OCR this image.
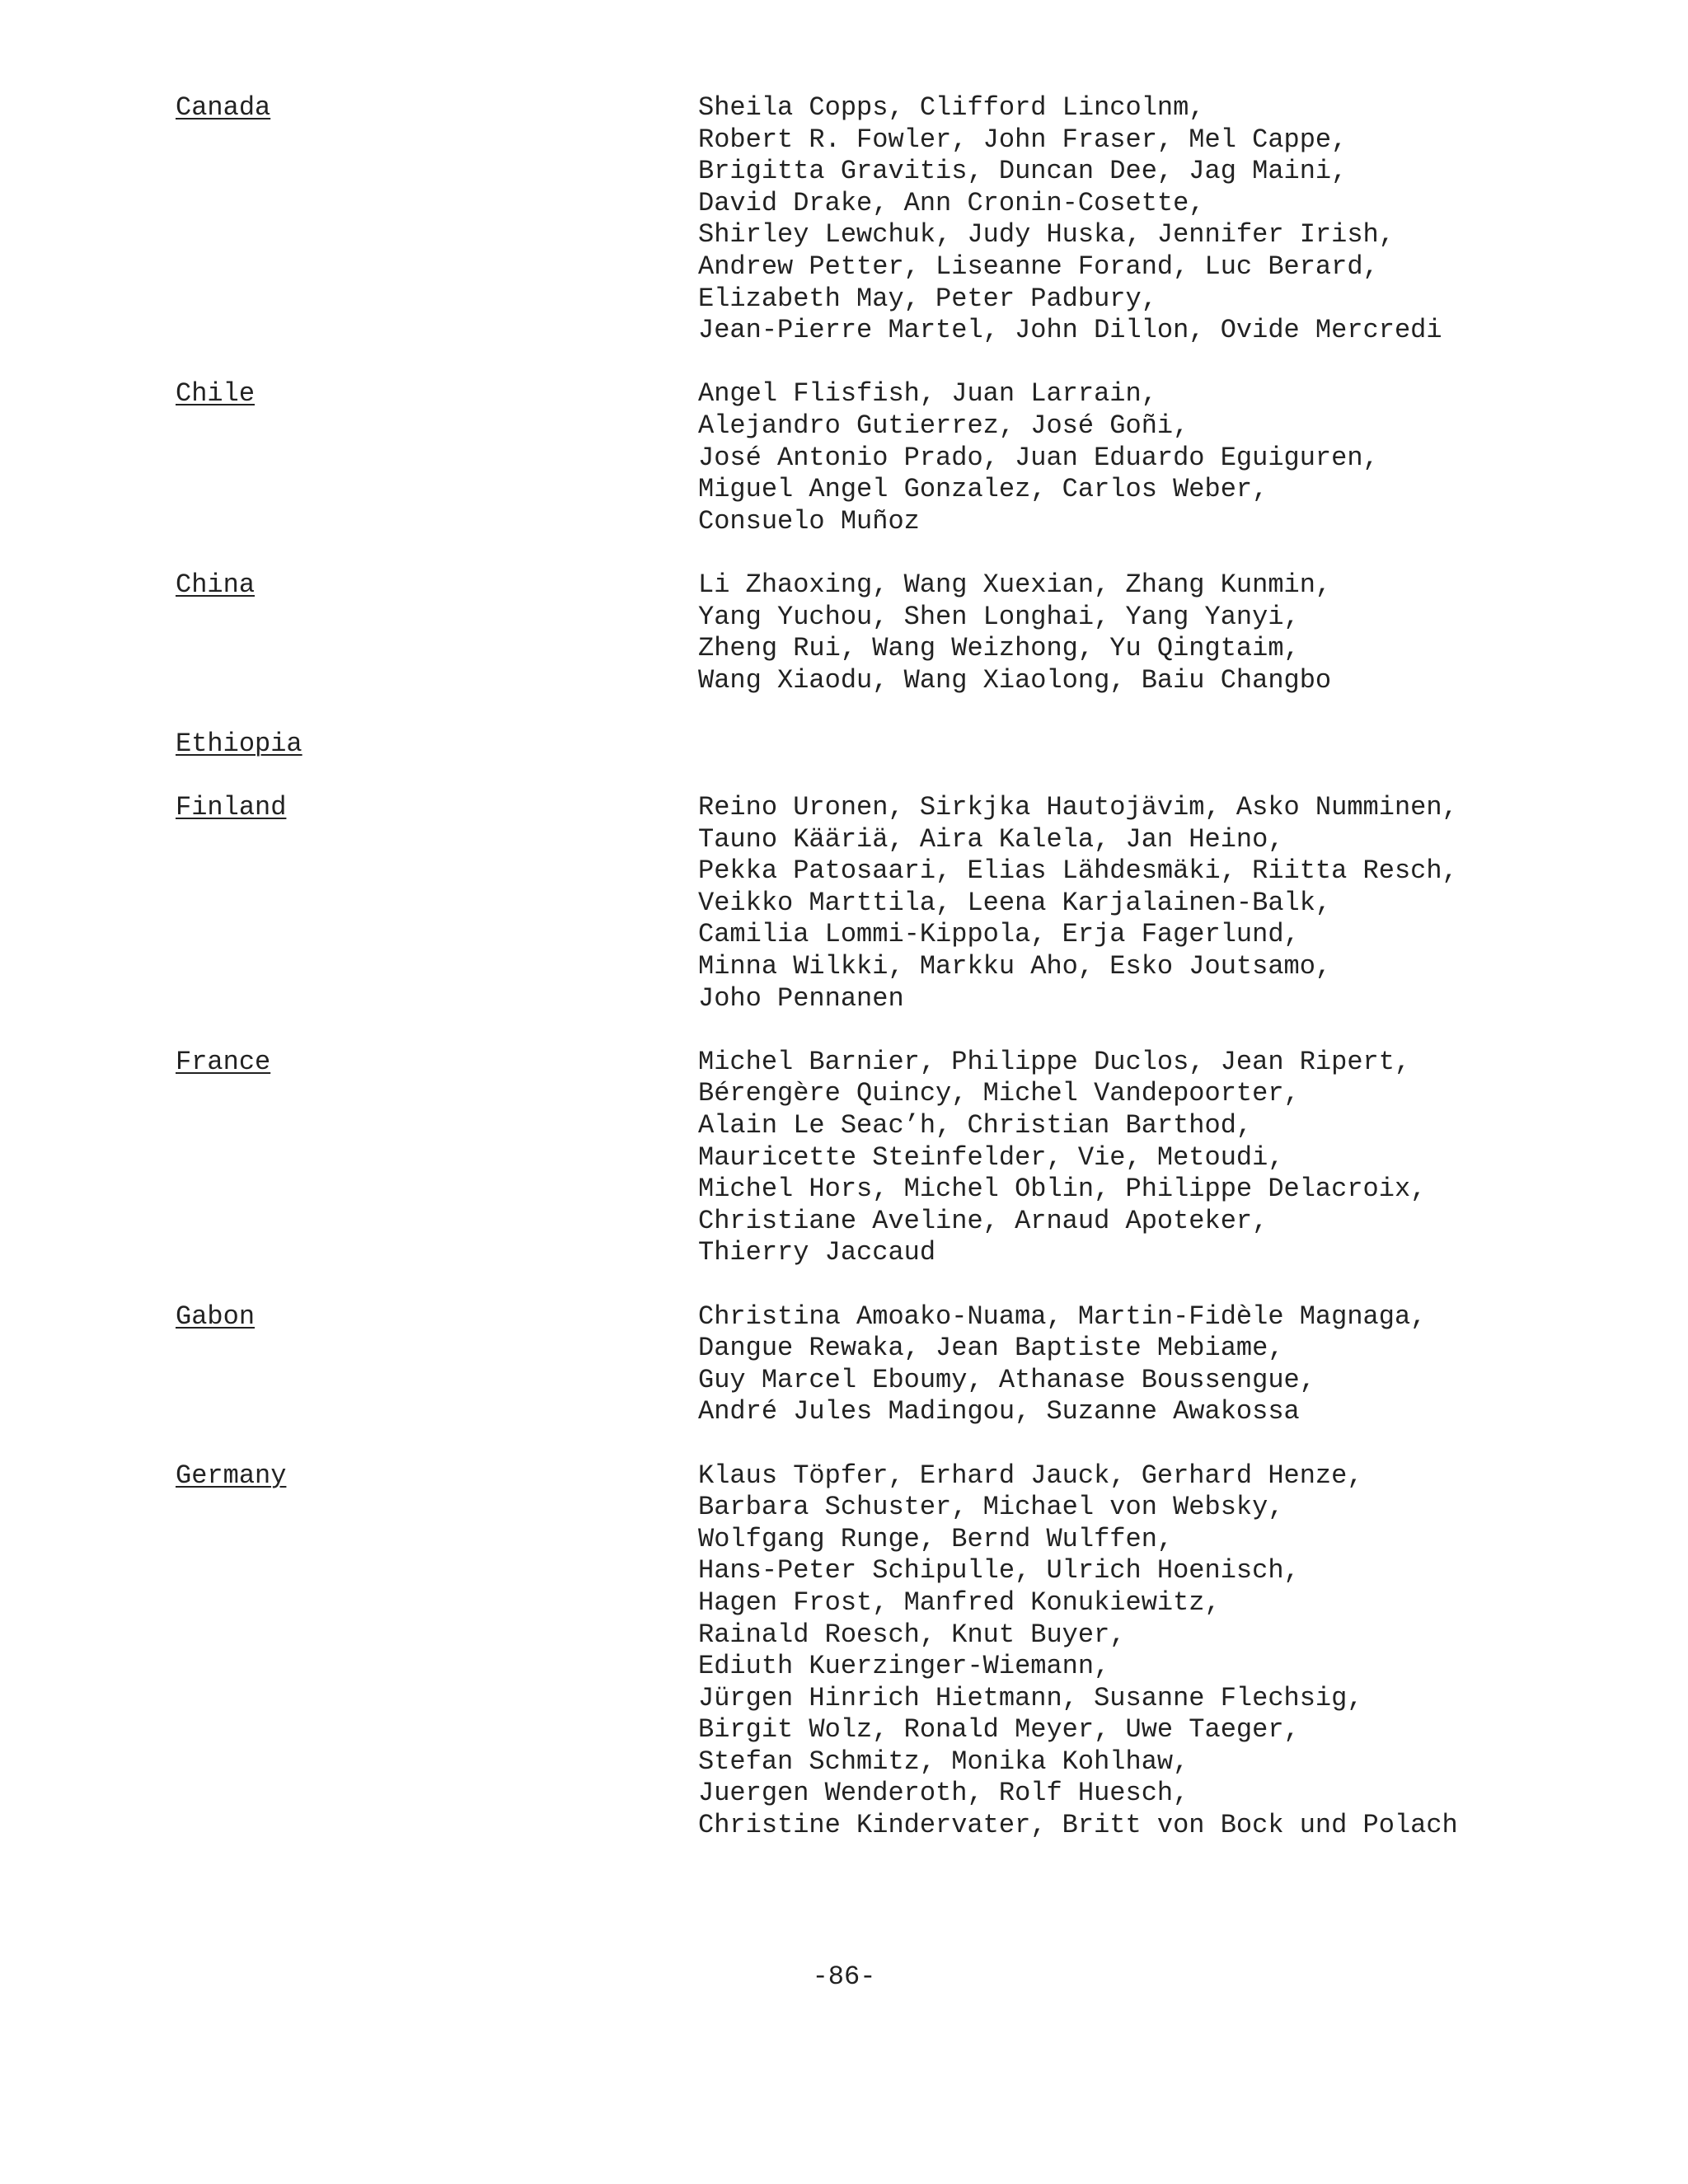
Canada	Sheila Copps, Clifford Lincolnm,
Robert R. Fowler, John Fraser, Mel Cappe,
Brigitta Gravitis, Duncan Dee, Jag Maini,
David Drake, Ann Cronin-Cosette,
Shirley Lewchuk, Judy Huska, Jennifer Irish,
Andrew Petter, Liseanne Forand, Luc Berard,
Elizabeth May, Peter Padbury,
Jean-Pierre Martel, John Dillon, Ovide Mercredi
Chile	Angel Flisfish, Juan Larrain,
Alejandro Gutierrez, José Goñi,
José Antonio Prado, Juan Eduardo Eguiguren,
Miguel Angel Gonzalez, Carlos Weber,
Consuelo Muñoz
China	Li Zhaoxing, Wang Xuexian, Zhang Kunmin,
Yang Yuchou, Shen Longhai, Yang Yanyi,
Zheng Rui, Wang Weizhong, Yu Qingtaim,
Wang Xiaodu, Wang Xiaolong, Baiu Changbo
Ethiopia
Finland	Reino Uronen, Sirkjka Hautojävim, Asko Numminen,
Tauno Kääriä, Aira Kalela, Jan Heino,
Pekka Patosaari, Elias Lähdesmäki, Riitta Resch,
Veikko Marttila, Leena Karjalainen-Balk,
Camilia Lommi-Kippola, Erja Fagerlund,
Minna Wilkki, Markku Aho, Esko Joutsamo,
Joho Pennanen
France	Michel Barnier, Philippe Duclos, Jean Ripert,
Bérengère Quincy, Michel Vandepoorter,
Alain Le Seac’h, Christian Barthod,
Mauricette Steinfelder, Vie, Metoudi,
Michel Hors, Michel Oblin, Philippe Delacroix,
Christiane Aveline, Arnaud Apoteker,
Thierry Jaccaud
Gabon	Christina Amoako-Nuama, Martin-Fidèle Magnaga,
Dangue Rewaka, Jean Baptiste Mebiame,
Guy Marcel Eboumy, Athanase Boussengue,
André Jules Madingou, Suzanne Awakossa
Germany	Klaus Töpfer, Erhard Jauck, Gerhard Henze,
Barbara Schuster, Michael von Websky,
Wolfgang Runge, Bernd Wulffen,
Hans-Peter Schipulle, Ulrich Hoenisch,
Hagen Frost, Manfred Konukiewitz,
Rainald Roesch, Knut Buyer,
Ediuth Kuerzinger-Wiemann,
Jürgen Hinrich Hietmann, Susanne Flechsig,
Birgit Wolz, Ronald Meyer, Uwe Taeger,
Stefan Schmitz, Monika Kohlhaw,
Juergen Wenderoth, Rolf Huesch,
Christine Kindervater, Britt von Bock und Polach
-86-
